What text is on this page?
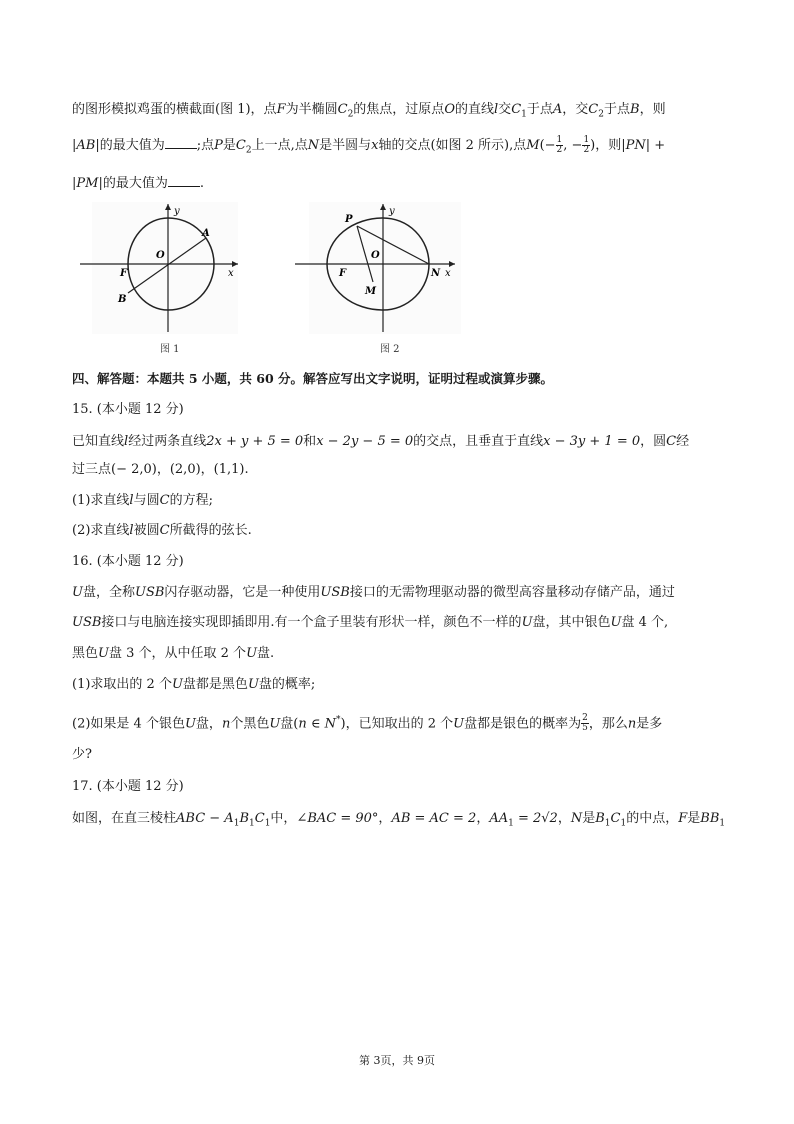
的图形模拟鸡蛋的横截面(图 1)，点F为半椭圆$C_2$的焦点，过原点O的直线l交$C_1$于点A，交$C_2$于点B，则
|AB|的最大值为 ;点P是$C_2$上一点,点N是半圆与x轴的交点(如图 2 所示),点$M(- \frac{1}{2}$ , − $\frac{1}{2}$ )，则|PN| +
|PM|的最大值为 .
y
x
O
F
A
B
图 1
y
x
O
F
P
M
N
图 2
四、解答题：本题共 5 小题，共 60 分。解答应写出文字说明，证明过程或演算步骤。
15. (本小题 12 分)
已知直线l经过两条直线2x + y + 5 = 0和x − 2y − 5 = 0的交点，且垂直于直线x − 3y + 1 = 0，圆C经
过三点(− 2,0)，(2,0)，(1,1).
(1)求直线l与圆C的方程;
(2)求直线l被圆C所截得的弦长.
16. (本小题 12 分)
U盘，全称USB闪存驱动器，它是一种使用USB接口的无需物理驱动器的微型高容量移动存储产品，通过
USB接口与电脑连接实现即插即用.有一个盒子里装有形状一样，颜色不一样的U盘，其中银色U盘 4 个,
黑色U盘 3 个，从中任取 2 个U盘.
(1)求取出的 2 个U盘都是黑色U盘的概率;
(2)如果是 4 个银色U盘，n个黑色U盘(n ∈ N*)，已知取出的 2 个U盘都是银色的概率为 $\frac{2}{5}$ ，那么n是多
少?
17. (本小题 12 分)
如图，在直三棱柱ABC − $A_1B_1C_1$中，∠BAC = 90°，AB = AC = 2，$AA_1 = 2√2$，N是$B_1C_1$的中点，F是$BB_1$
第 3页，共 9页
